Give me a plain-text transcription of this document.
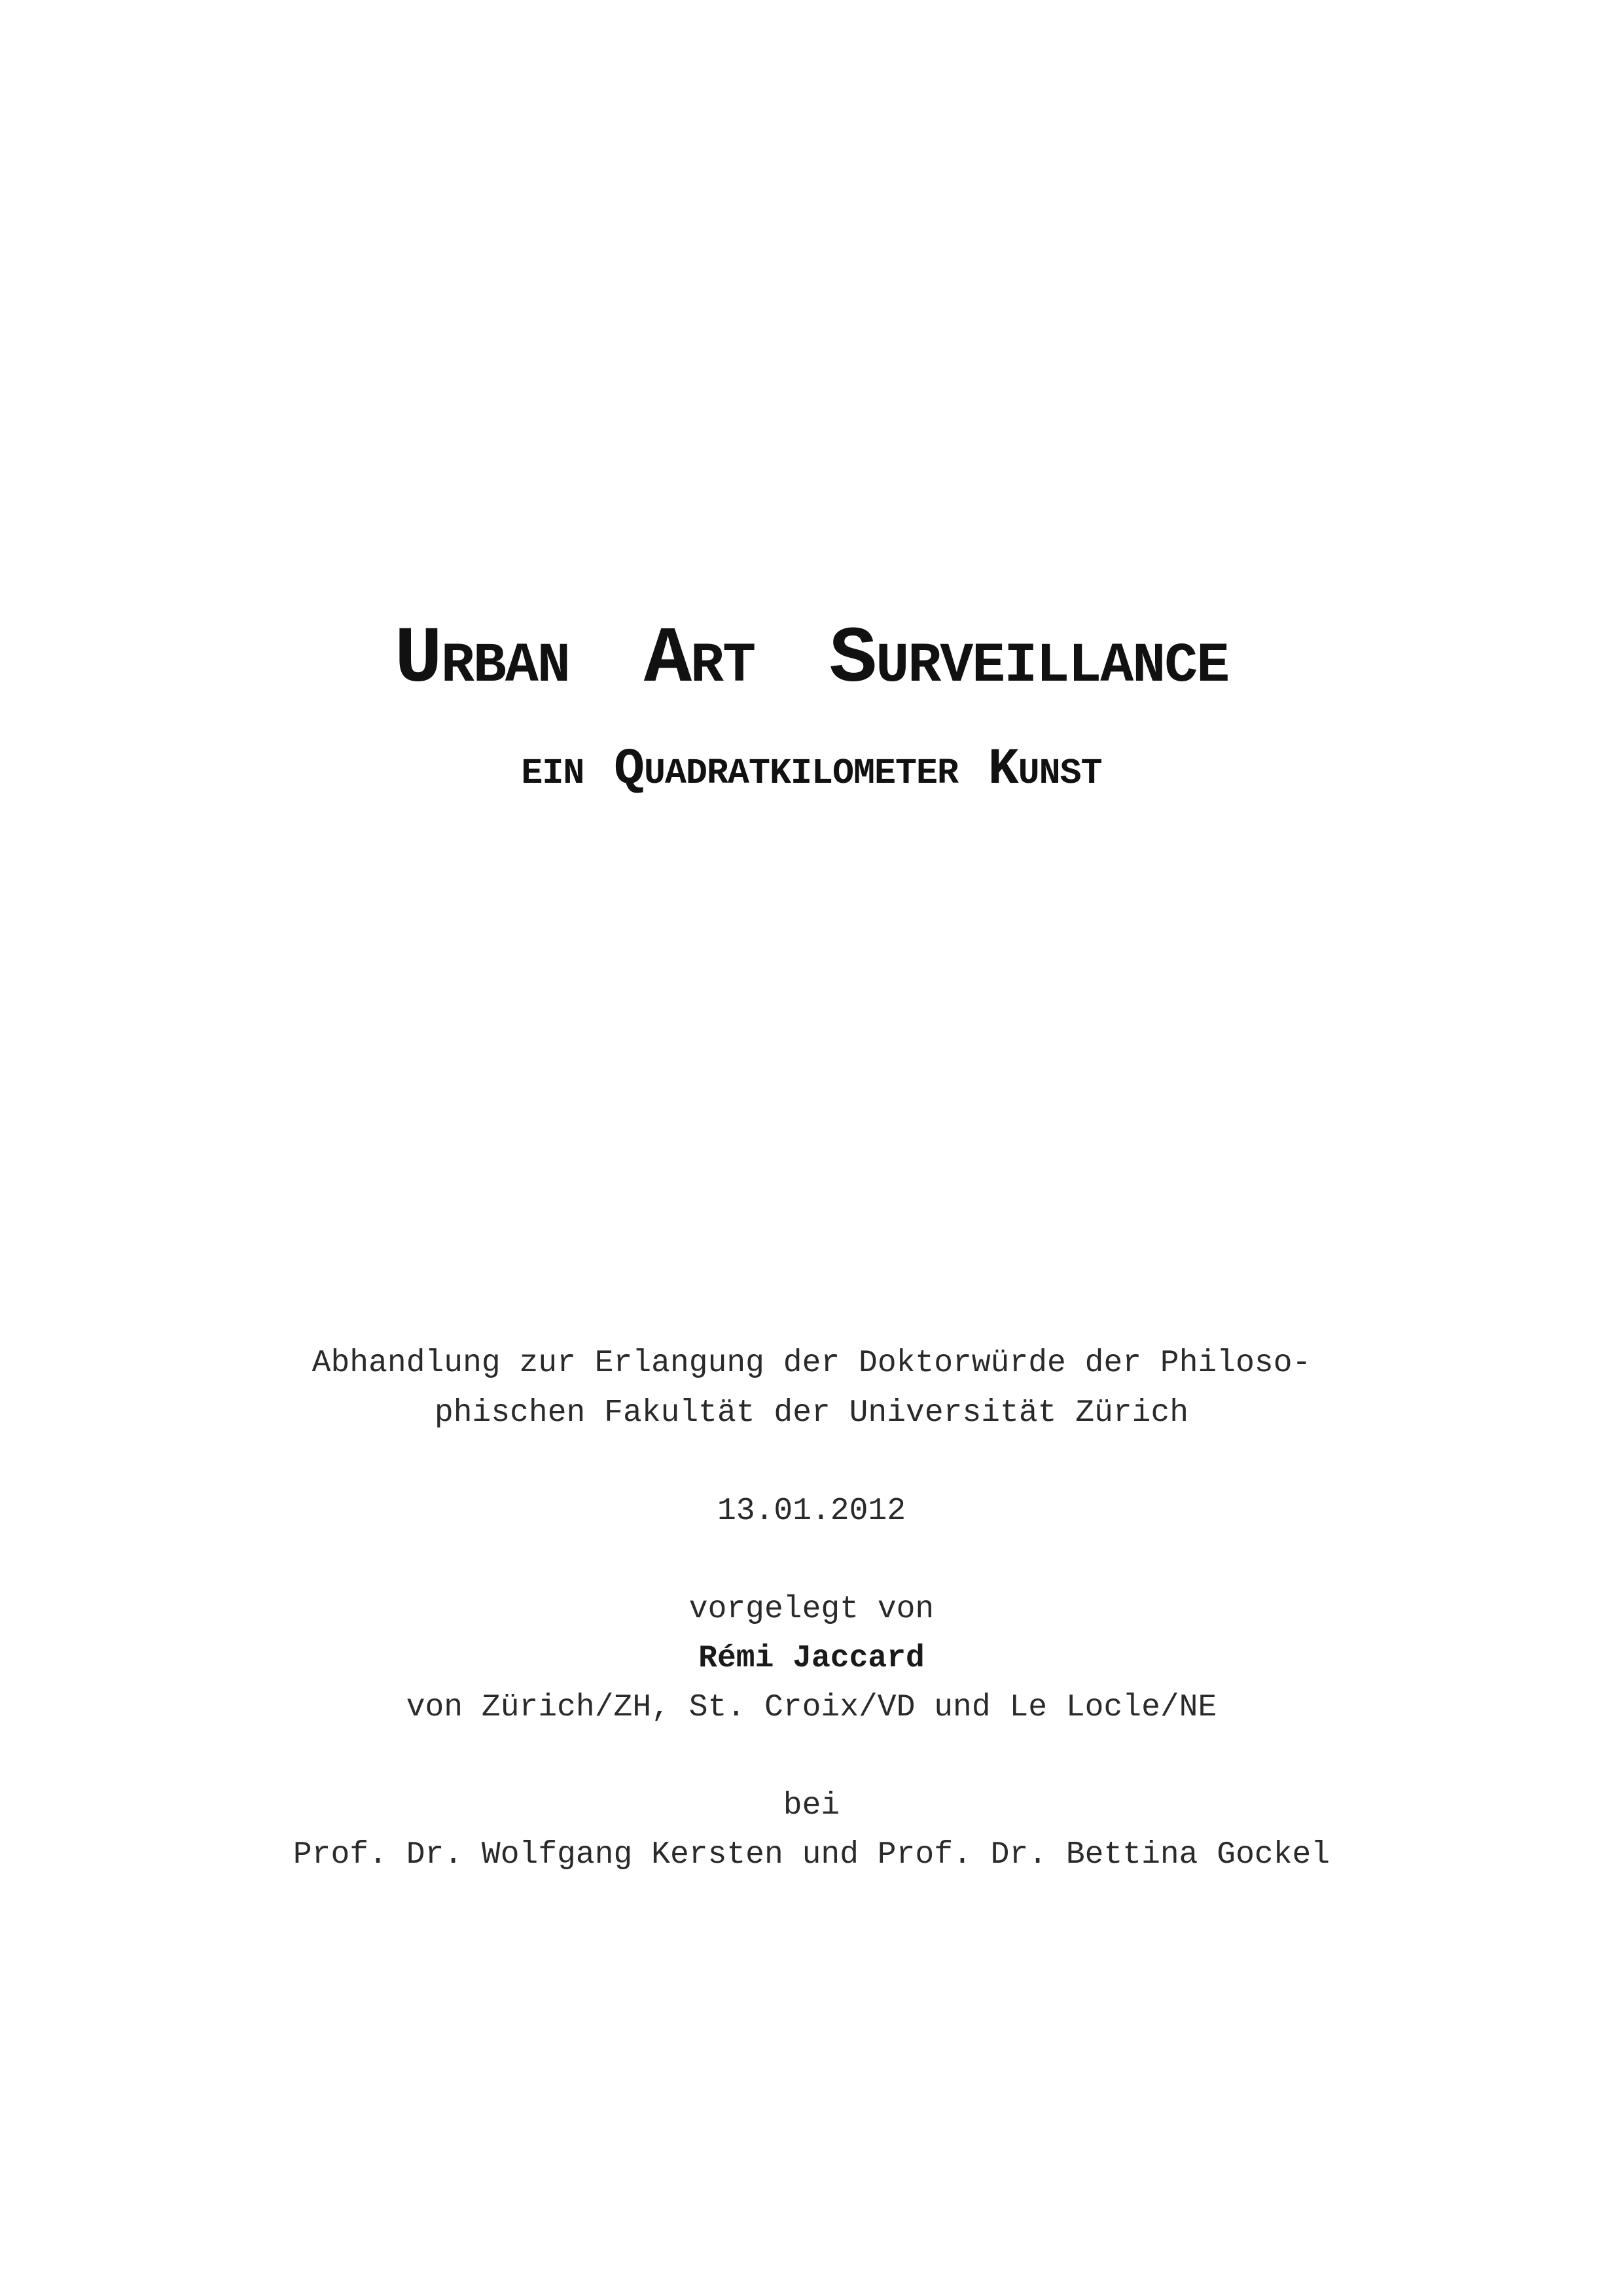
Urban Art Surveillance
ein Quadratkilometer Kunst
Abhandlung zur Erlangung der Doktorwürde der Philoso-
phischen Fakultät der Universität Zürich
13.01.2012
vorgelegt von
Rémi Jaccard
von Zürich/ZH, St. Croix/VD und Le Locle/NE
bei
Prof. Dr. Wolfgang Kersten und Prof. Dr. Bettina Gockel
